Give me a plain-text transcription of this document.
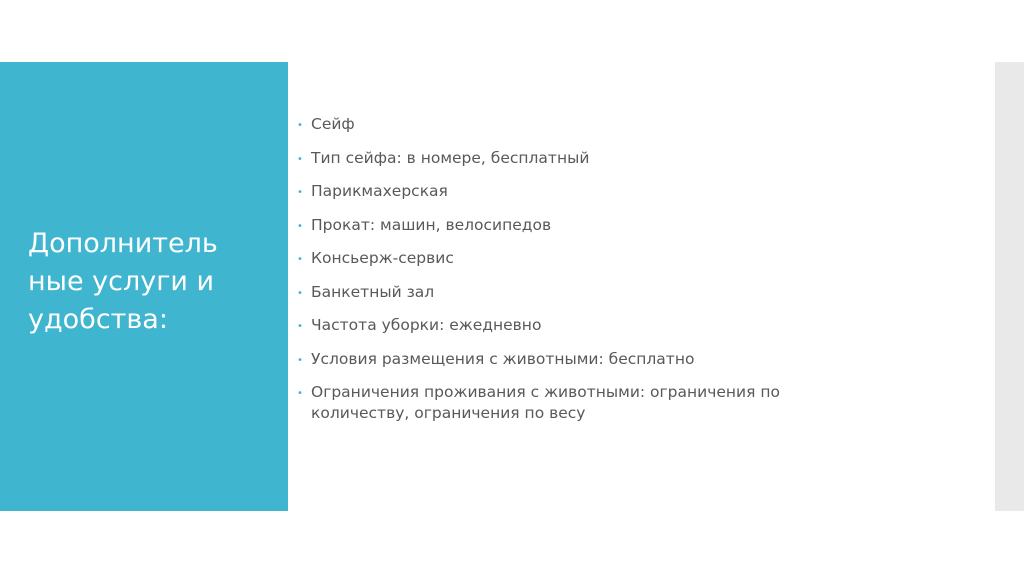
Дополнитель
ные услуги и
удобства:
• Сейф
• Тип сейфа: в номере, бесплатный
• Парикмахерская
• Прокат: машин, велосипедов
• Консьерж-сервис
• Банкетный зал
• Частота уборки: ежедневно
• Условия размещения с животными: бесплатно
• Ограничения проживания с животными: ограничения по количеству, ограничения по весу
